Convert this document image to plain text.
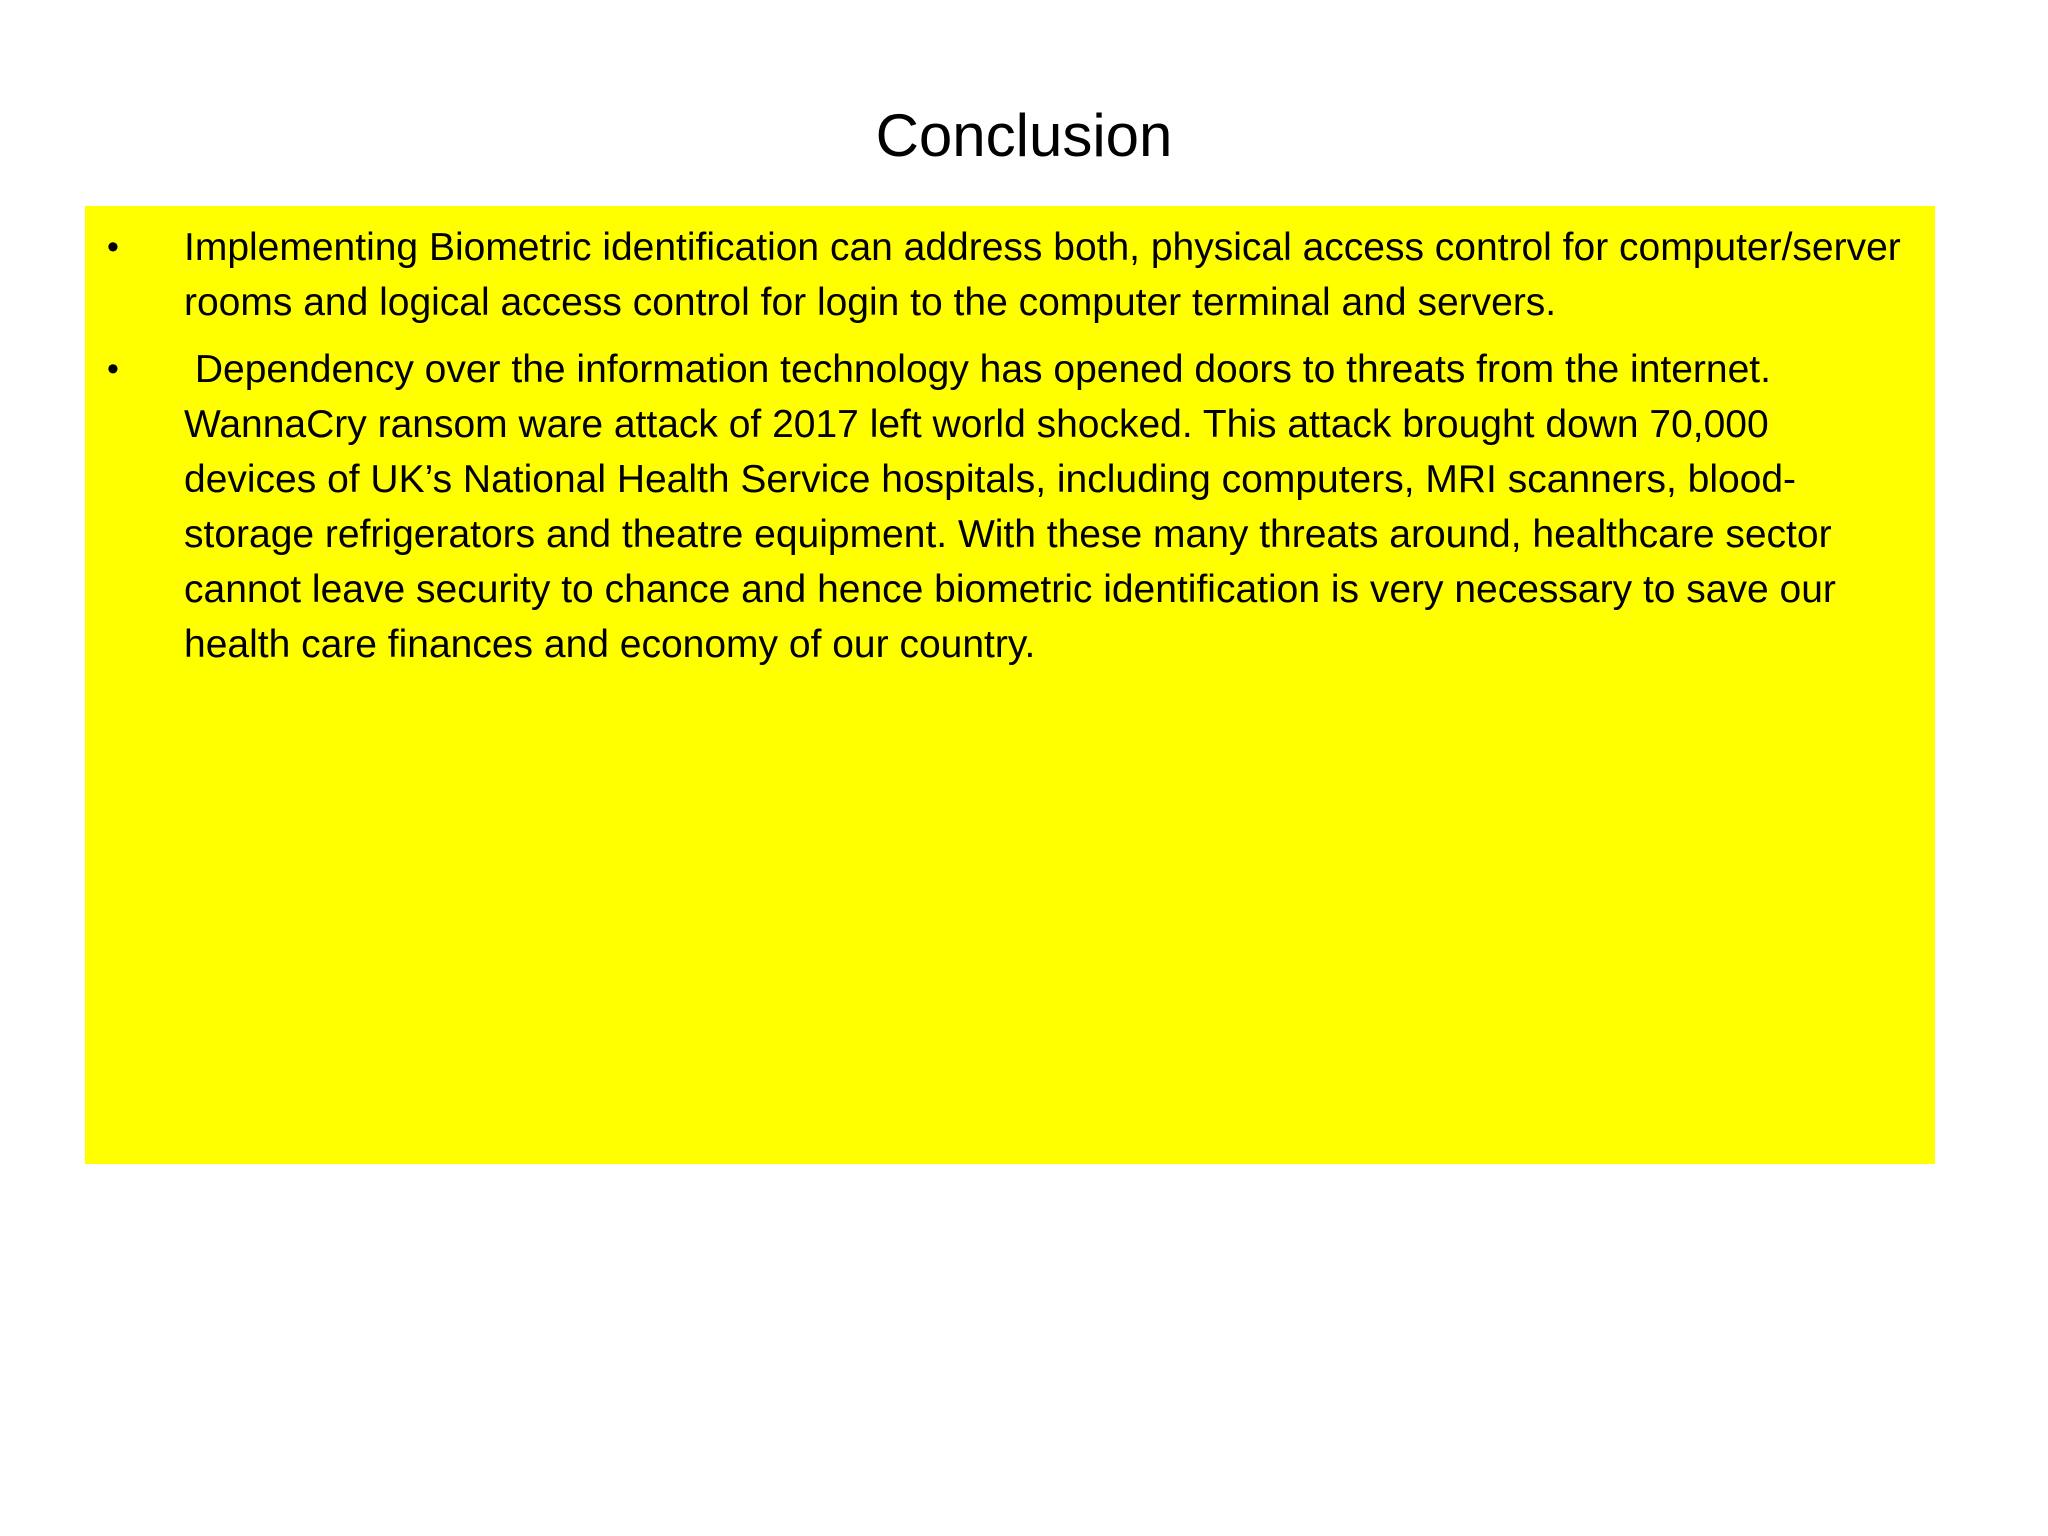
Conclusion
•	Implementing Biometric identification can address both, physical access control for computer/server rooms and logical access control for login to the computer terminal and servers.
•	Dependency over the information technology has opened doors to threats from the internet. WannaCry ransom ware attack of 2017 left world shocked. This attack brought down 70,000 devices of UK’s National Health Service hospitals, including computers, MRI scanners, blood-storage refrigerators and theatre equipment. With these many threats around, healthcare sector cannot leave security to chance and hence biometric identification is very necessary to save our health care finances and economy of our country.
